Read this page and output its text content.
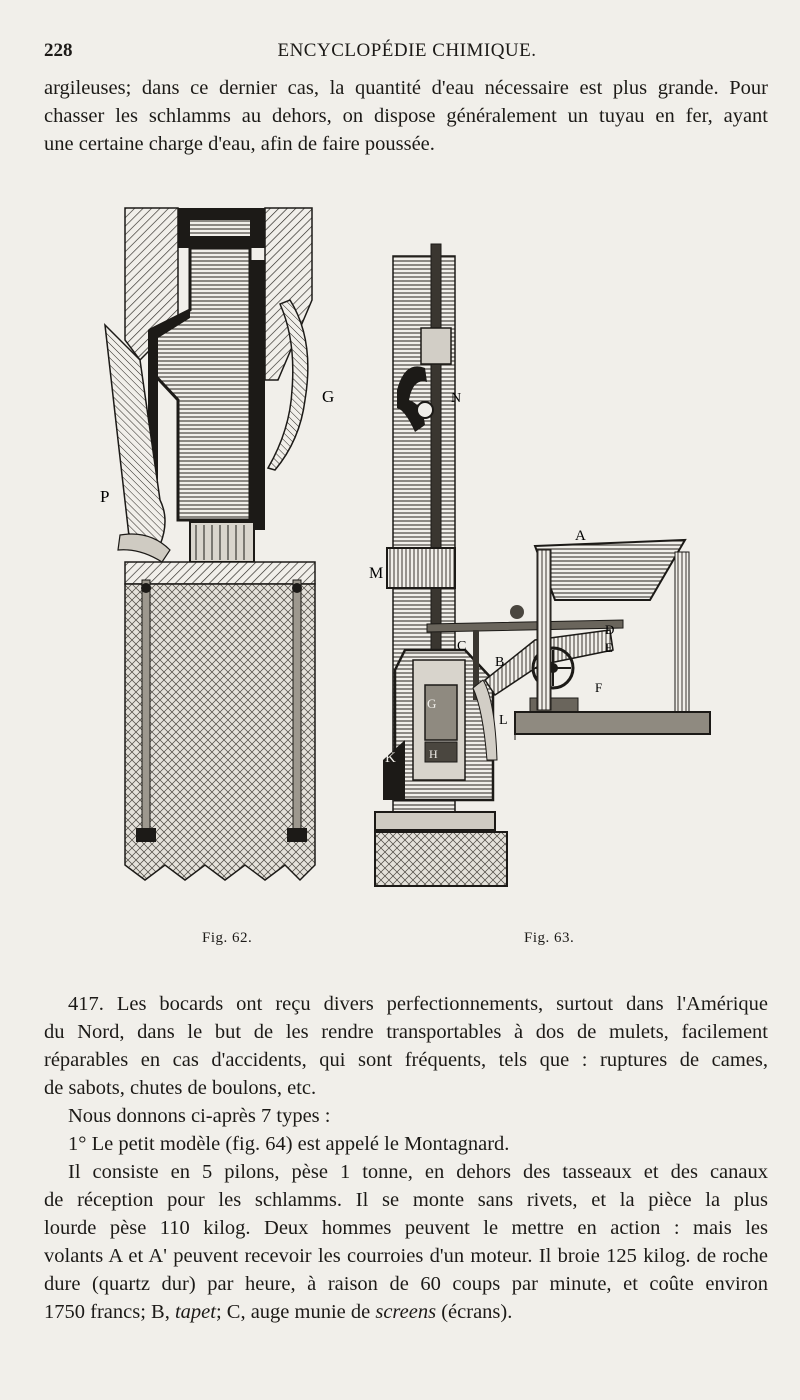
228	ENCYCLOPÉDIE CHIMIQUE.
argileuses; dans ce dernier cas, la quantité d'eau nécessaire est plus grande. Pour
chasser les schlamms au dehors, on dispose généralement un tuyau en fer, ayant
une certaine charge d'eau, afin de faire poussée.
G
P
A
B
C
D
E
F
G
H
K
L
M
N
Fig. 62.	Fig. 63.
417. Les bocards ont reçu divers perfectionnements, surtout dans l'Amérique
du Nord, dans le but de les rendre transportables à dos de mulets, facilement
réparables en cas d'accidents, qui sont fréquents, tels que : ruptures de cames,
de sabots, chutes de boulons, etc.
Nous donnons ci-après 7 types :
1° Le petit modèle (fig. 64) est appelé le Montagnard.
Il consiste en 5 pilons, pèse 1 tonne, en dehors des tasseaux et des canaux
de réception pour les schlamms. Il se monte sans rivets, et la pièce la plus
lourde pèse 110 kilog. Deux hommes peuvent le mettre en action : mais les
volants A et A' peuvent recevoir les courroies d'un moteur. Il broie 125 kilog. de roche
dure (quartz dur) par heure, à raison de 60 coups par minute, et coûte environ
1750 francs; B, tapet; C, auge munie de screens (écrans).
